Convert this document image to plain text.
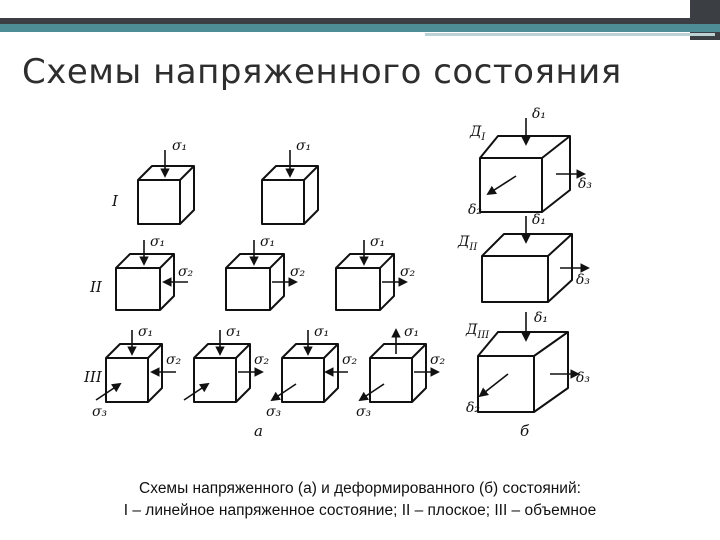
Схемы напряженного состояния
σ₁	σ₁
σ₁
σ₂
σ₁
σ₂
σ₁
σ₂
σ₁
σ₂
σ₃
σ₁
σ₂
σ₃
σ₁
σ₂
σ₃
σ₁
σ₂
δ₁
δ₃
δ₂
δ₁
δ₃
δ₁
δ₃
δ₂
$Д_I$
$Д_{II}$
$Д_{III}$
I
II
III
а	б
Схемы напряженного (а) и деформированного (б) состояний:
I – линейное напряженное состояние; II – плоское; III – объемное
